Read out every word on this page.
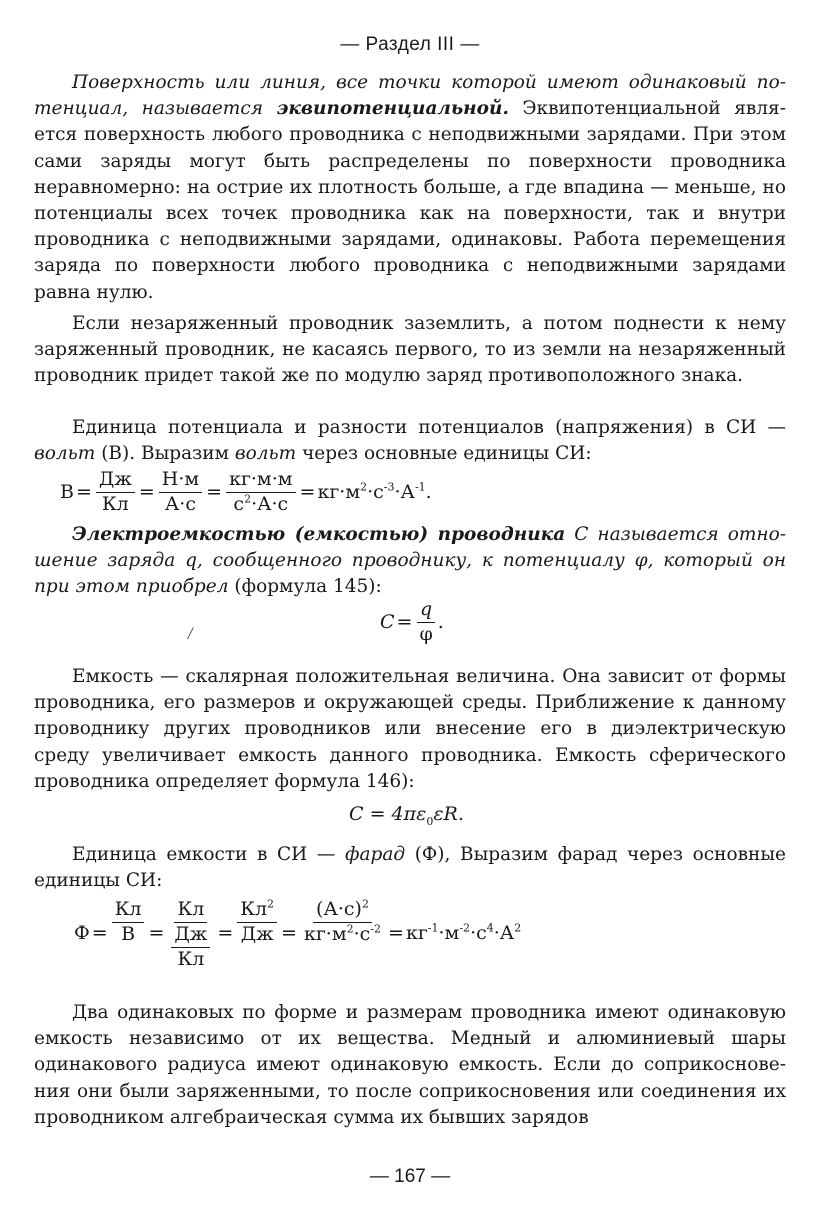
— Раздел III —

Поверхность или линия, все точки которой имеют одинаковый потенциал, называется эквипотенциальной. Эквипотенциальной является поверхность любого проводника с неподвижными зарядами. При этом сами заряды могут быть распределены по поверхности проводника неравномерно: на острие их плотность больше, а где впадина — меньше, но потенциалы всех точек проводника как на поверхности, так и внутри проводника с неподвижными зарядами, одинаковы. Работа перемещения заряда по поверхности любого проводника с неподвижными зарядами равна нулю.

Если незаряженный проводник заземлить, а потом поднести к нему заряженный проводник, не касаясь первого, то из земли на незаряженный проводник придет такой же по модулю заряд противоположного знака.

Единица потенциала и разности потенциалов (напряжения) в СИ — вольт (В). Выразим вольт через основные единицы СИ:

$В = \frac{Дж}{Кл} = \frac{Н\cdot м}{А\cdot с} = \frac{кг\cdot м\cdot м}{c^2\cdot А\cdot с} = кг\cdot м^2\cdot с^{-3}\cdot А^{-1}$.

Электроемкостью (емкостью) проводника С называется отношение заряда q, сообщенного проводнику, к потенциалу φ, который он при этом приобрел (формула 145):

/
$C = \frac{q}{\varphi}$ .

Емкость — скалярная положительная величина. Она зависит от формы проводника, его размеров и окружающей среды. Приближение к данному проводнику других проводников или внесение его в диэлектрическую среду увеличивает емкость данного проводника. Емкость сферического проводника определяет формула 146):

$C = 4\pi\varepsilon_0\varepsilon R$.

Единица емкости в СИ — фарад (Ф), Выразим фарад через основные единицы СИ:

$Ф = \frac{Кл}{В} = \frac{Кл}{\frac{Дж}{Кл}} = \frac{Кл^2}{Дж} = \frac{(А\cdot с)^2}{кг\cdot м^2\cdot с^{-2}} = кг^{-1}\cdot м^{-2}\cdot с^4\cdot А^2$

Два одинаковых по форме и размерам проводника имеют одинаковую емкость независимо от их вещества. Медный и алюминиевый шары одинакового радиуса имеют одинаковую емкость. Если до соприкосновения они были заряженными, то после соприкосновения или соединения их проводником алгебраическая сумма их бывших зарядов

— 167 —
